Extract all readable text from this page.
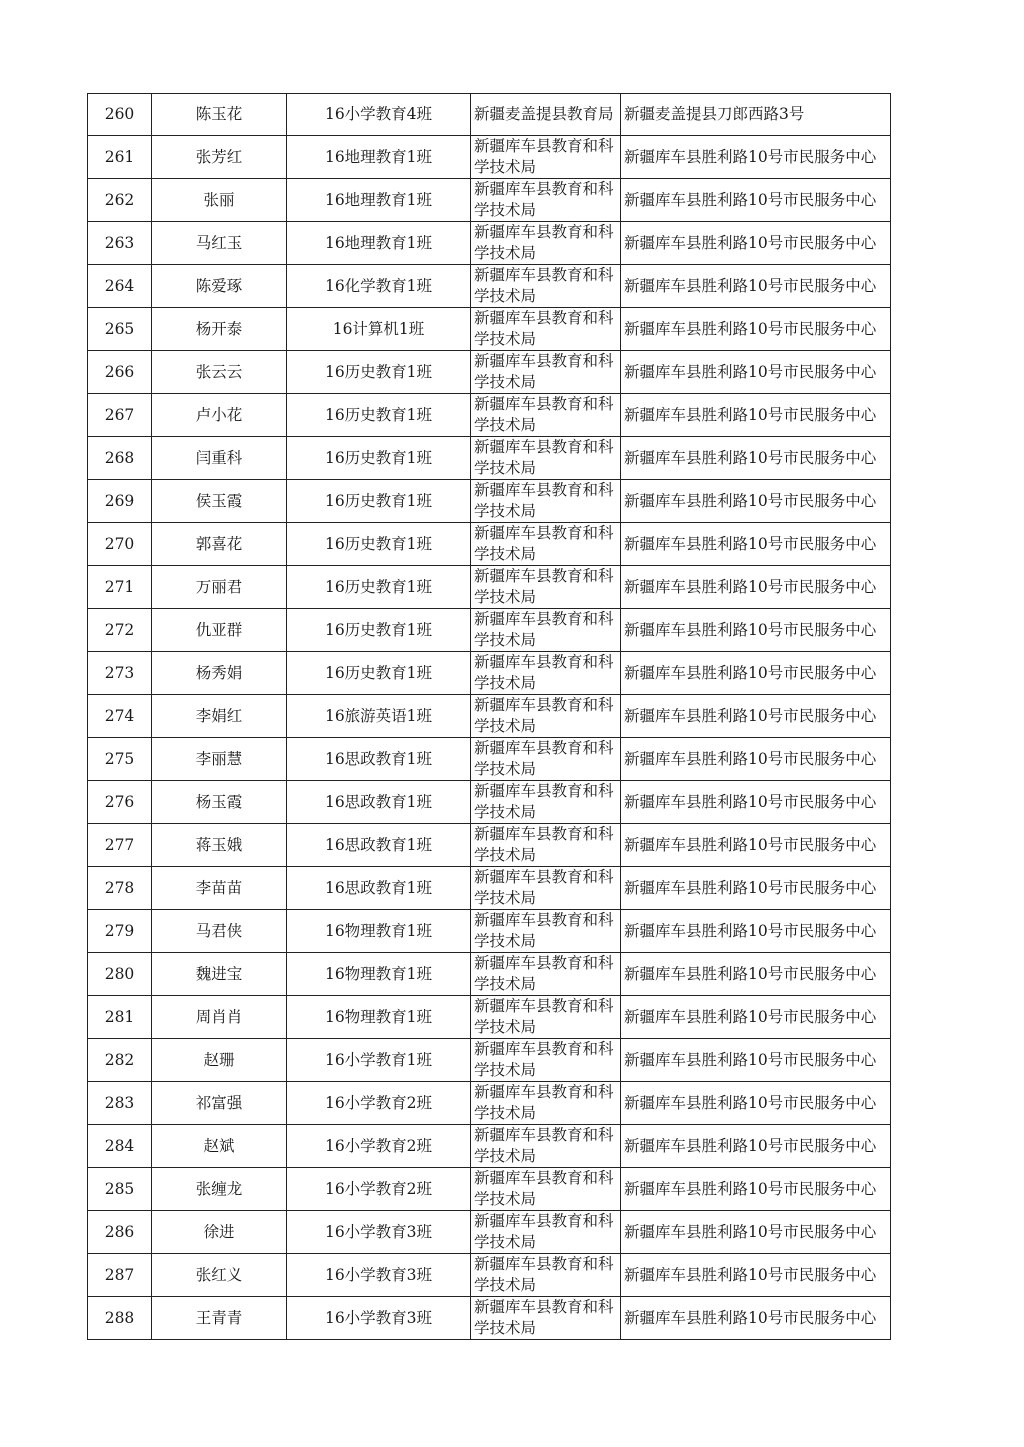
260	陈玉花	16小学教育4班	新疆麦盖提县教育局	新疆麦盖提县刀郎西路3号
261	张芳红	16地理教育1班	新疆库车县教育和科学技术局	新疆库车县胜利路10号市民服务中心
262	张丽	16地理教育1班	新疆库车县教育和科学技术局	新疆库车县胜利路10号市民服务中心
263	马红玉	16地理教育1班	新疆库车县教育和科学技术局	新疆库车县胜利路10号市民服务中心
264	陈爱琢	16化学教育1班	新疆库车县教育和科学技术局	新疆库车县胜利路10号市民服务中心
265	杨开泰	16计算机1班	新疆库车县教育和科学技术局	新疆库车县胜利路10号市民服务中心
266	张云云	16历史教育1班	新疆库车县教育和科学技术局	新疆库车县胜利路10号市民服务中心
267	卢小花	16历史教育1班	新疆库车县教育和科学技术局	新疆库车县胜利路10号市民服务中心
268	闫重科	16历史教育1班	新疆库车县教育和科学技术局	新疆库车县胜利路10号市民服务中心
269	侯玉霞	16历史教育1班	新疆库车县教育和科学技术局	新疆库车县胜利路10号市民服务中心
270	郭喜花	16历史教育1班	新疆库车县教育和科学技术局	新疆库车县胜利路10号市民服务中心
271	万丽君	16历史教育1班	新疆库车县教育和科学技术局	新疆库车县胜利路10号市民服务中心
272	仇亚群	16历史教育1班	新疆库车县教育和科学技术局	新疆库车县胜利路10号市民服务中心
273	杨秀娟	16历史教育1班	新疆库车县教育和科学技术局	新疆库车县胜利路10号市民服务中心
274	李娟红	16旅游英语1班	新疆库车县教育和科学技术局	新疆库车县胜利路10号市民服务中心
275	李丽慧	16思政教育1班	新疆库车县教育和科学技术局	新疆库车县胜利路10号市民服务中心
276	杨玉霞	16思政教育1班	新疆库车县教育和科学技术局	新疆库车县胜利路10号市民服务中心
277	蒋玉娥	16思政教育1班	新疆库车县教育和科学技术局	新疆库车县胜利路10号市民服务中心
278	李苗苗	16思政教育1班	新疆库车县教育和科学技术局	新疆库车县胜利路10号市民服务中心
279	马君侠	16物理教育1班	新疆库车县教育和科学技术局	新疆库车县胜利路10号市民服务中心
280	魏进宝	16物理教育1班	新疆库车县教育和科学技术局	新疆库车县胜利路10号市民服务中心
281	周肖肖	16物理教育1班	新疆库车县教育和科学技术局	新疆库车县胜利路10号市民服务中心
282	赵珊	16小学教育1班	新疆库车县教育和科学技术局	新疆库车县胜利路10号市民服务中心
283	祁富强	16小学教育2班	新疆库车县教育和科学技术局	新疆库车县胜利路10号市民服务中心
284	赵斌	16小学教育2班	新疆库车县教育和科学技术局	新疆库车县胜利路10号市民服务中心
285	张缠龙	16小学教育2班	新疆库车县教育和科学技术局	新疆库车县胜利路10号市民服务中心
286	徐进	16小学教育3班	新疆库车县教育和科学技术局	新疆库车县胜利路10号市民服务中心
287	张红义	16小学教育3班	新疆库车县教育和科学技术局	新疆库车县胜利路10号市民服务中心
288	王青青	16小学教育3班	新疆库车县教育和科学技术局	新疆库车县胜利路10号市民服务中心
